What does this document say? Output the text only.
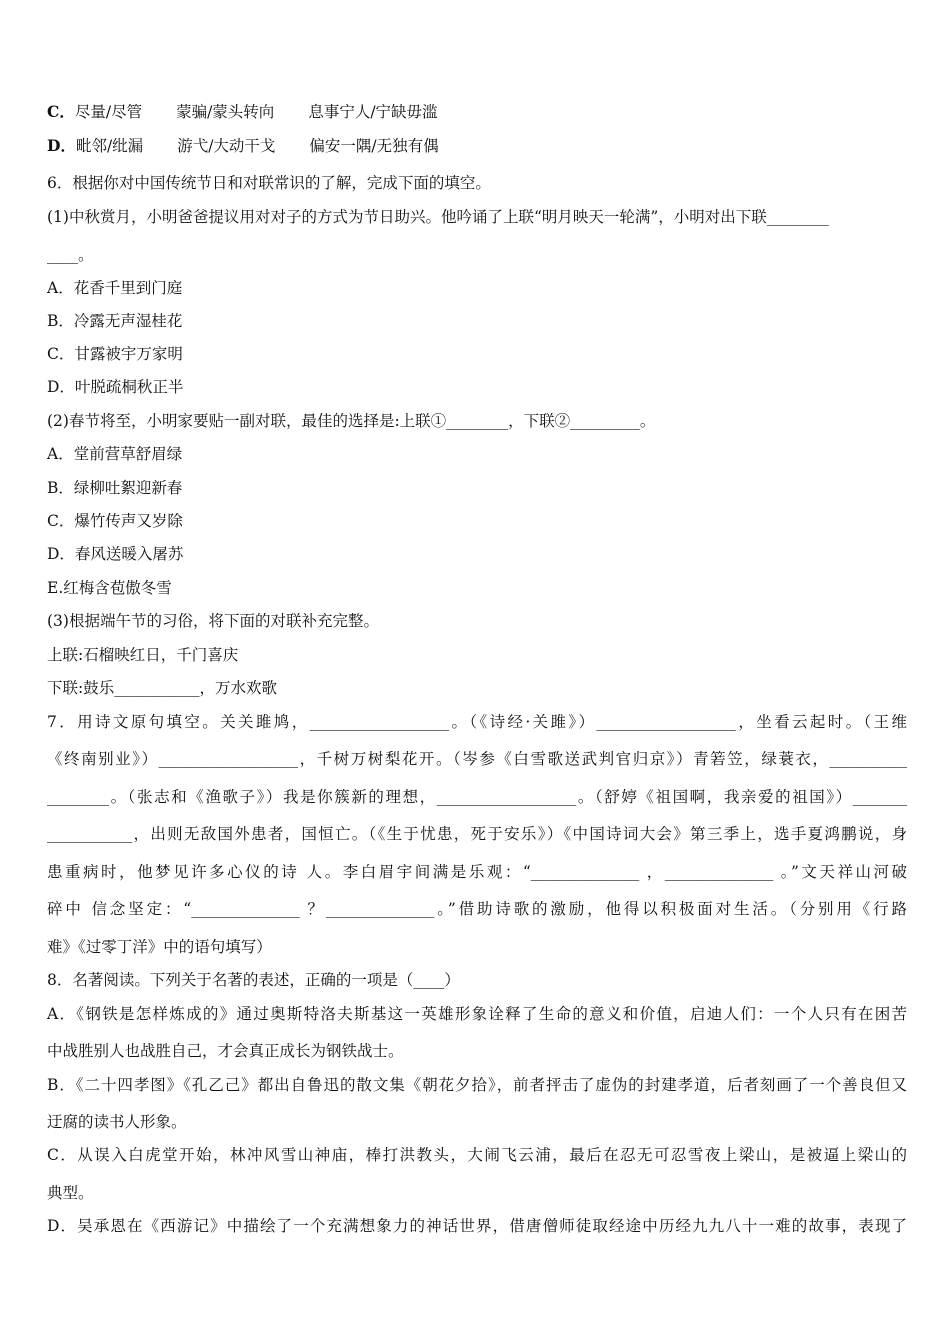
C．尽量/尽管 蒙骗/蒙头转向 息事宁人/宁缺毋滥
D．毗邻/纰漏 游弋/大动干戈 偏安一隅/无独有偶
6．根据你对中国传统节日和对联常识的了解，完成下面的填空。
(1)中秋赏月，小明爸爸提议用对对子的方式为节日助兴。他吟诵了上联“明月映天一轮满”，小明对出下联________
____。
A．花香千里到门庭
B．冷露无声湿桂花
C．甘露被宇万家明
D．叶脱疏桐秋正半
(2)春节将至，小明家要贴一副对联，最佳的选择是:上联①________，下联②_________。
A．堂前营草舒眉绿
B．绿柳吐絮迎新春
C．爆竹传声又岁除
D．春风送暖入屠苏
E.红梅含苞傲冬雪
(3)根据端午节的习俗，将下面的对联补充完整。
上联:石榴映红日，千门喜庆
下联:鼓乐___________，万水欢歌
7．用诗文原句填空。关关雎鸠，__________________。（《诗经·关雎》）__________________，坐看云起时。（王维
《终南别业》）__________________，千树万树梨花开。（岑参《白雪歌送武判官归京》）青箬笠，绿蓑衣，__________
________。（张志和《渔歌子》）我是你簇新的理想，__________________。（舒婷《祖国啊，我亲爱的祖国》）_______
___________，出则无敌国外患者，国恒亡。（《生于忧患，死于安乐》）《中国诗词大会》第三季上，选手夏鸿鹏说，身
患重病时，他梦见许多心仪的诗 人。李白眉宇间满是乐观：“______________ ，______________ 。”文天祥山河破
碎中 信念坚定：“______________ ？______________。”借助诗歌的激励，他得以积极面对生活。（分别用《行路
难》《过零丁洋》中的语句填写）
8．名著阅读。下列关于名著的表述，正确的一项是（____）
A．《钢铁是怎样炼成的》通过奥斯特洛夫斯基这一英雄形象诠释了生命的意义和价值，启迪人们：一个人只有在困苦
中战胜别人也战胜自己，才会真正成长为钢铁战士。
B．《二十四孝图》《孔乙己》都出自鲁迅的散文集《朝花夕拾》，前者抨击了虚伪的封建孝道，后者刻画了一个善良但又
迂腐的读书人形象。
C．从误入白虎堂开始，林冲风雪山神庙，棒打洪教头，大闹飞云浦，最后在忍无可忍雪夜上梁山，是被逼上梁山的
典型。
D．吴承恩在《西游记》中描绘了一个充满想象力的神话世界，借唐僧师徒取经途中历经九九八十一难的故事，表现了
